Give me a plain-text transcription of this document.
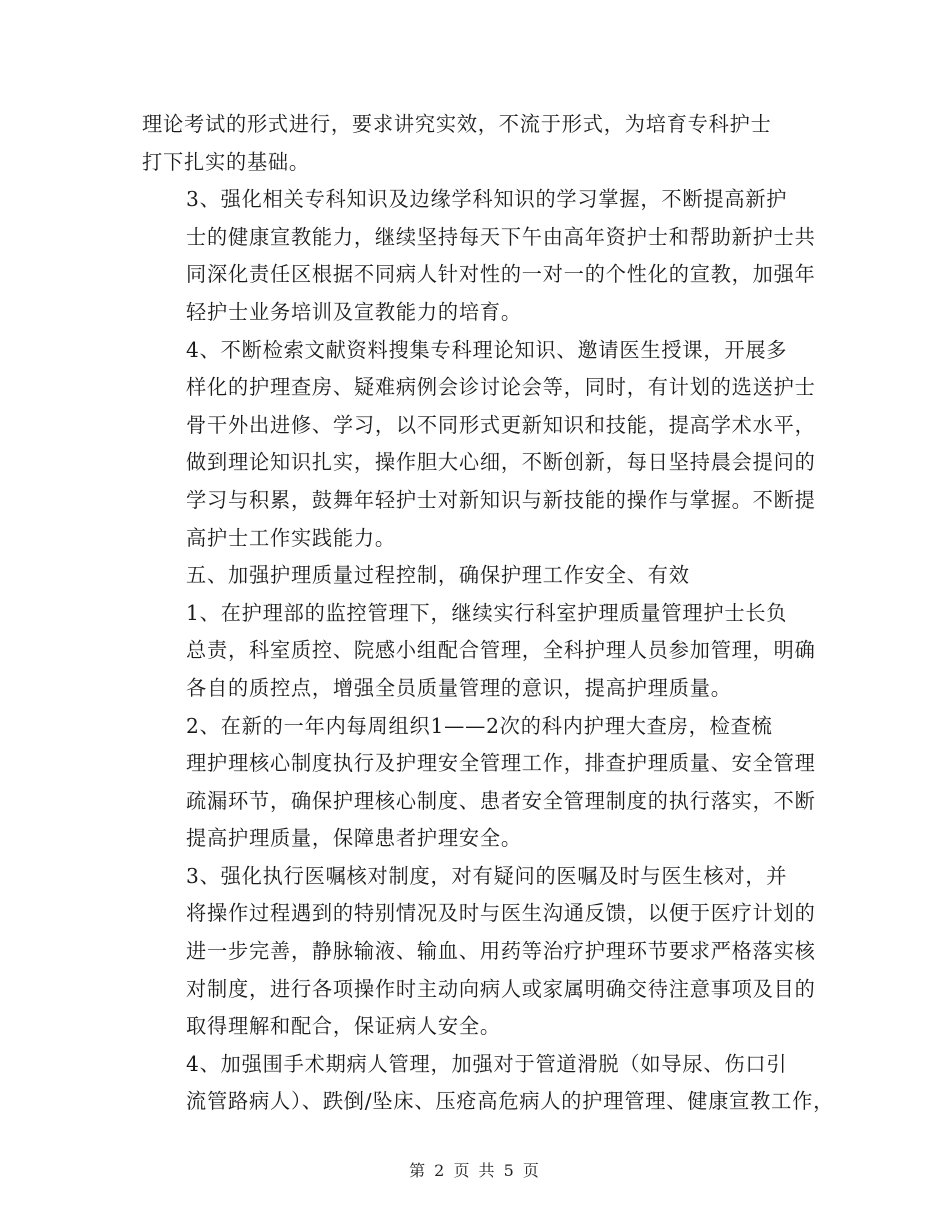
理论考试的形式进行，要求讲究实效，不流于形式，为培育专科护士
打下扎实的基础。

3、强化相关专科知识及边缘学科知识的学习掌握，不断提高新护
士的健康宣教能力，继续坚持每天下午由高年资护士和帮助新护士共
同深化责任区根据不同病人针对性的一对一的个性化的宣教，加强年
轻护士业务培训及宣教能力的培育。

4、不断检索文献资料搜集专科理论知识、邀请医生授课，开展多
样化的护理查房、疑难病例会诊讨论会等，同时，有计划的选送护士
骨干外出进修、学习，以不同形式更新知识和技能，提高学术水平，
做到理论知识扎实，操作胆大心细，不断创新，每日坚持晨会提问的
学习与积累，鼓舞年轻护士对新知识与新技能的操作与掌握。不断提
高护士工作实践能力。

五、加强护理质量过程控制，确保护理工作安全、有效

1、在护理部的监控管理下，继续实行科室护理质量管理护士长负
总责，科室质控、院感小组配合管理，全科护理人员参加管理，明确
各自的质控点，增强全员质量管理的意识，提高护理质量。

2、在新的一年内每周组织1——2次的科内护理大查房，检查梳
理护理核心制度执行及护理安全管理工作，排查护理质量、安全管理
疏漏环节，确保护理核心制度、患者安全管理制度的执行落实，不断
提高护理质量，保障患者护理安全。

3、强化执行医嘱核对制度，对有疑问的医嘱及时与医生核对，并
将操作过程遇到的特别情况及时与医生沟通反馈，以便于医疗计划的
进一步完善，静脉输液、输血、用药等治疗护理环节要求严格落实核
对制度，进行各项操作时主动向病人或家属明确交待注意事项及目的
取得理解和配合，保证病人安全。

4、加强围手术期病人管理，加强对于管道滑脱（如导尿、伤口引
流管路病人）、跌倒/坠床、压疮高危病人的护理管理、健康宣教工作，

第 2 页 共 5 页
